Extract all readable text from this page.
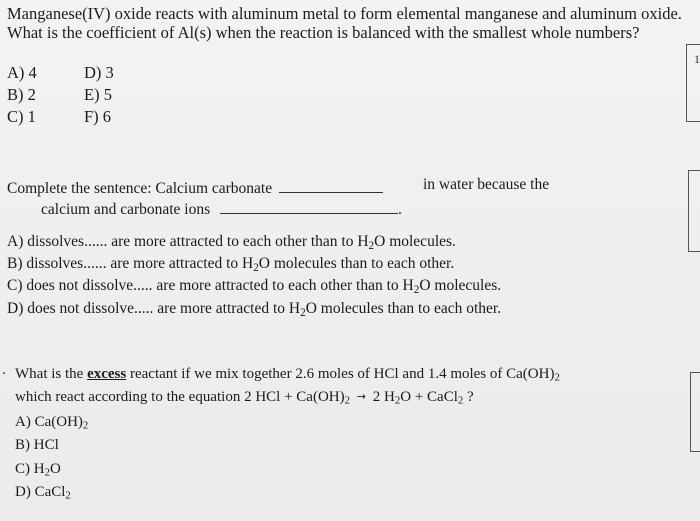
Manganese(IV) oxide reacts with aluminum metal to form elemental manganese and aluminum oxide.
What is the coefficient of Al(s) when the reaction is balanced with the smallest whole numbers?
A) 4	D) 3
B) 2	E) 5
C) 1	F) 6
1
Complete the sentence: Calcium carbonate	in water because the
calcium and carbonate ions	.
A) dissolves...... are more attracted to each other than to $H_2O$ molecules.
B) dissolves...... are more attracted to $H_2O$ molecules than to each other.
C) does not dissolve..... are more attracted to each other than to $H_2O$ molecules.
D) does not dissolve..... are more attracted to $H_2O$ molecules than to each other.
. What is the excess reactant if we mix together 2.6 moles of HCl and 1.4 moles of $Ca(OH)_2$
which react according to the equation 2 HCl + $Ca(OH)_2 \to 2$ $H_2O$ + CaCl$_2$ ?
A) $Ca(OH)_2$
B) HCl
C) $H_2O$
D) CaCl$_2$
